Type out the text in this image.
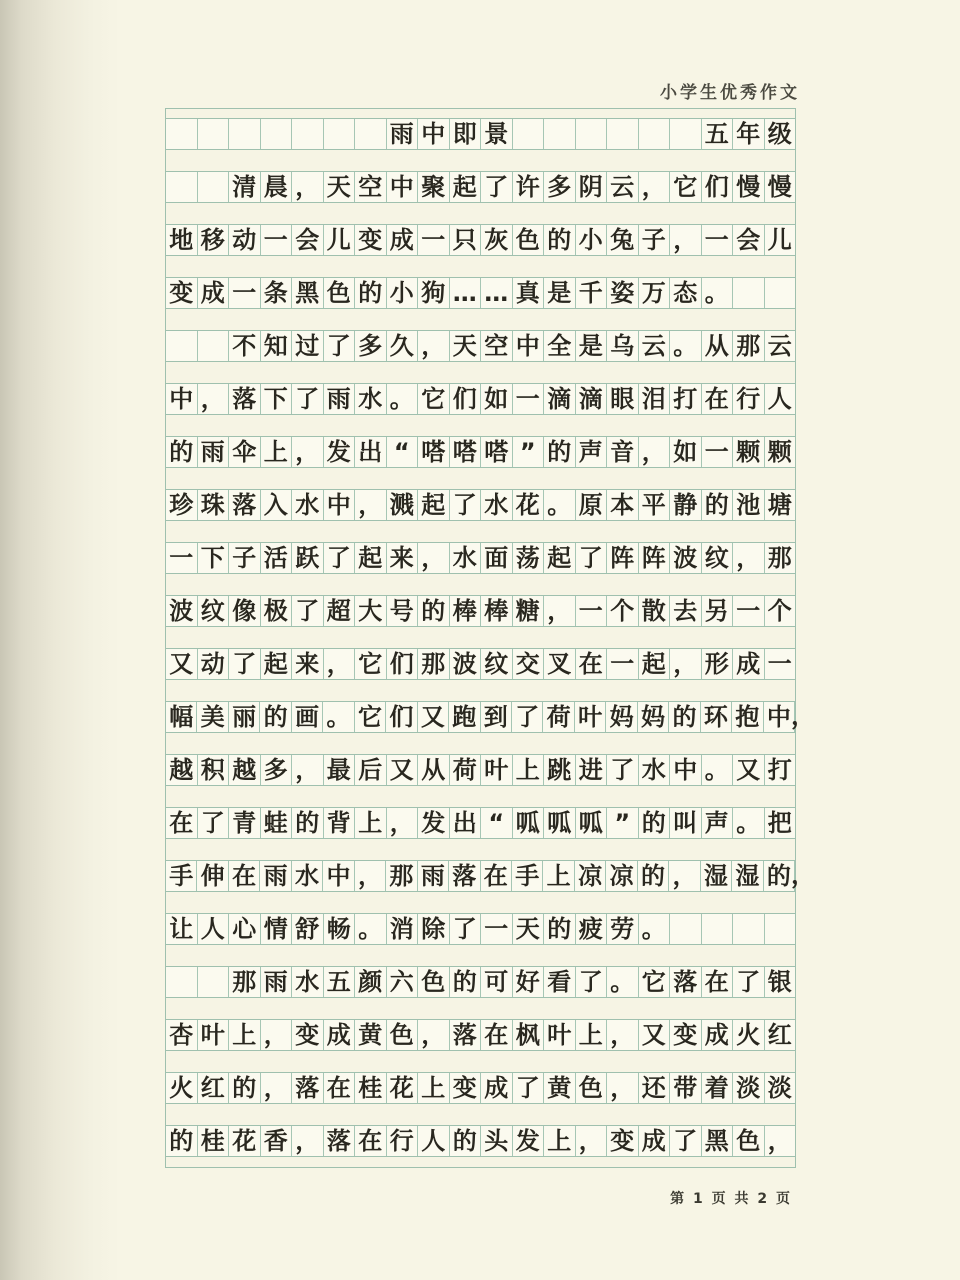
小学生优秀作文
雨 中 即 景	五 年 级
清 晨 ， 天 空 中 聚 起 了 许 多 阴 云 ， 它 们 慢 慢
地 移 动 一 会 儿 变 成 一 只 灰 色 的 小 兔 子 ， 一 会 儿
变 成 一 条 黑 色 的 小 狗 … … 真 是 千 姿 万 态 。
不 知 过 了 多 久 ， 天 空 中 全 是 乌 云 。 从 那 云
中 ， 落 下 了 雨 水 。 它 们 如 一 滴 滴 眼 泪 打 在 行 人
的 雨 伞 上 ， 发 出 “ 嗒 嗒 嗒 ” 的 声 音 ， 如 一 颗 颗
珍 珠 落 入 水 中 ， 溅 起 了 水 花 。 原 本 平 静 的 池 塘
一 下 子 活 跃 了 起 来 ， 水 面 荡 起 了 阵 阵 波 纹 ， 那
波 纹 像 极 了 超 大 号 的 棒 棒 糖 ， 一 个 散 去 另 一 个
又 动 了 起 来 ， 它 们 那 波 纹 交 叉 在 一 起 ， 形 成 一
幅 美 丽 的 画 。 它 们 又 跑 到 了 荷 叶 妈 妈 的 环 抱 中 ，
越 积 越 多 ， 最 后 又 从 荷 叶 上 跳 进 了 水 中 。 又 打
在 了 青 蛙 的 背 上 ， 发 出 “ 呱 呱 呱 ” 的 叫 声 。 把
手 伸 在 雨 水 中 ， 那 雨 落 在 手 上 凉 凉 的 ， 湿 湿 的 ，
让 人 心 情 舒 畅 。 消 除 了 一 天 的 疲 劳 。
那 雨 水 五 颜 六 色 的 可 好 看 了 。 它 落 在 了 银
杏 叶 上 ， 变 成 黄 色 ， 落 在 枫 叶 上 ， 又 变 成 火 红
火 红 的 ， 落 在 桂 花 上 变 成 了 黄 色 ， 还 带 着 淡 淡
的 桂 花 香 ， 落 在 行 人 的 头 发 上 ， 变 成 了 黑 色 ，
第 1 页 共 2 页
